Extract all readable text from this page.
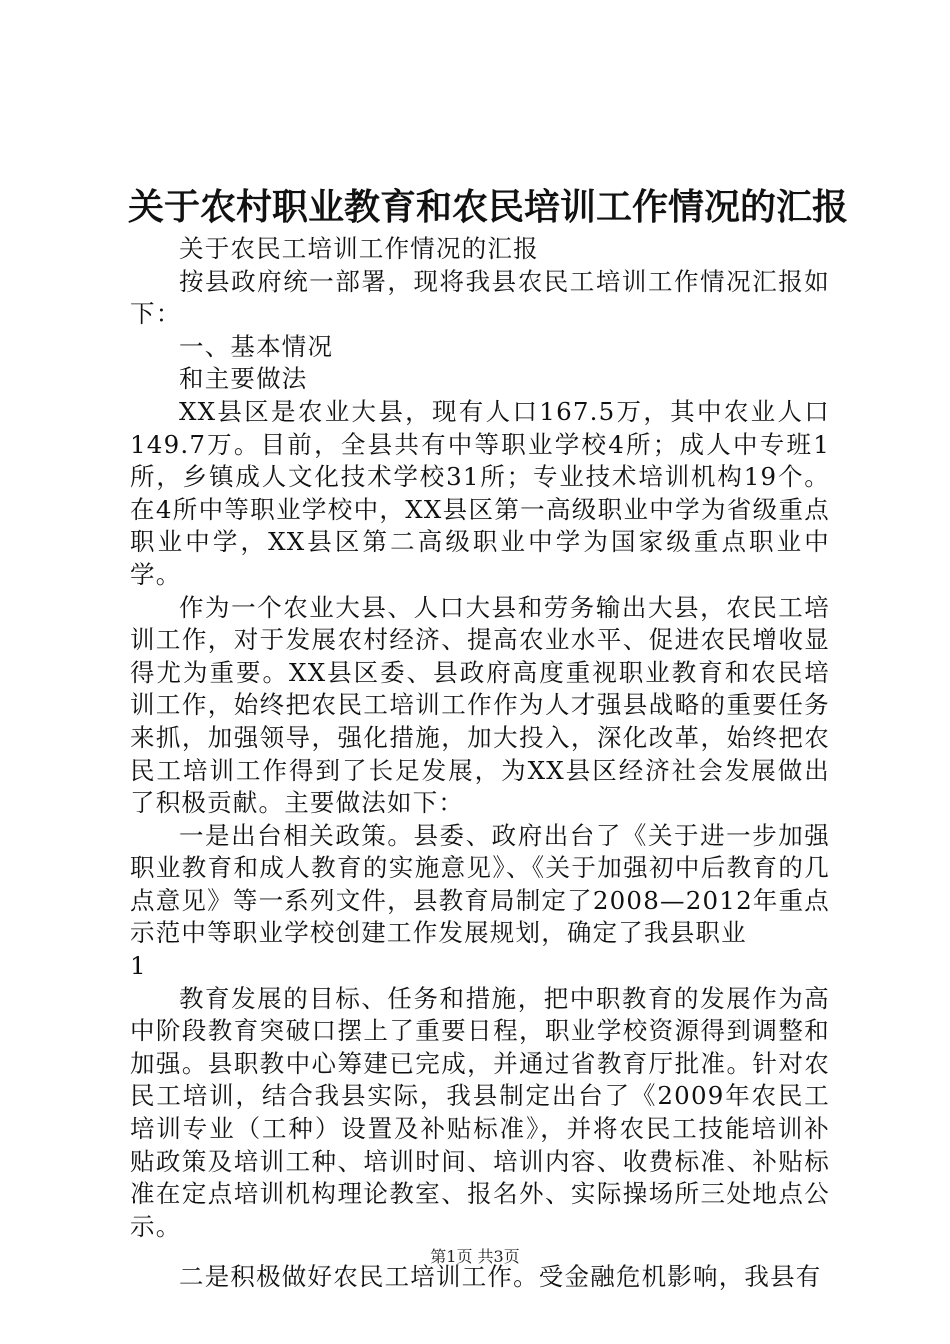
关于农村职业教育和农民培训工作情况的汇报

关于农民工培训工作情况的汇报

按县政府统一部署，现将我县农民工培训工作情况汇报如下：

一、基本情况

和主要做法

XX县区是农业大县，现有人口167.5万，其中农业人口149.7万。目前，全县共有中等职业学校4所；成人中专班1所，乡镇成人文化技术学校31所；专业技术培训机构19个。在4所中等职业学校中，XX县区第一高级职业中学为省级重点职业中学，XX县区第二高级职业中学为国家级重点职业中学。

作为一个农业大县、人口大县和劳务输出大县，农民工培训工作，对于发展农村经济、提高农业水平、促进农民增收显得尤为重要。XX县区委、县政府高度重视职业教育和农民培训工作，始终把农民工培训工作作为人才强县战略的重要任务来抓，加强领导，强化措施，加大投入，深化改革，始终把农民工培训工作得到了长足发展，为XX县区经济社会发展做出了积极贡献。主要做法如下：

一是出台相关政策。县委、政府出台了《关于进一步加强职业教育和成人教育的实施意见》、《关于加强初中后教育的几点意见》等一系列文件，县教育局制定了2008—2012年重点示范中等职业学校创建工作发展规划，确定了我县职业

1

教育发展的目标、任务和措施，把中职教育的发展作为高中阶段教育突破口摆上了重要日程，职业学校资源得到调整和加强。县职教中心筹建已完成，并通过省教育厅批准。针对农民工培训，结合我县实际，我县制定出台了《2009年农民工培训专业（工种）设置及补贴标准》，并将农民工技能培训补贴政策及培训工种、培训时间、培训内容、收费标准、补贴标准在定点培训机构理论教室、报名外、实际操场所三处地点公示。

二是积极做好农民工培训工作。受金融危机影响，我县有

第1页 共3页
